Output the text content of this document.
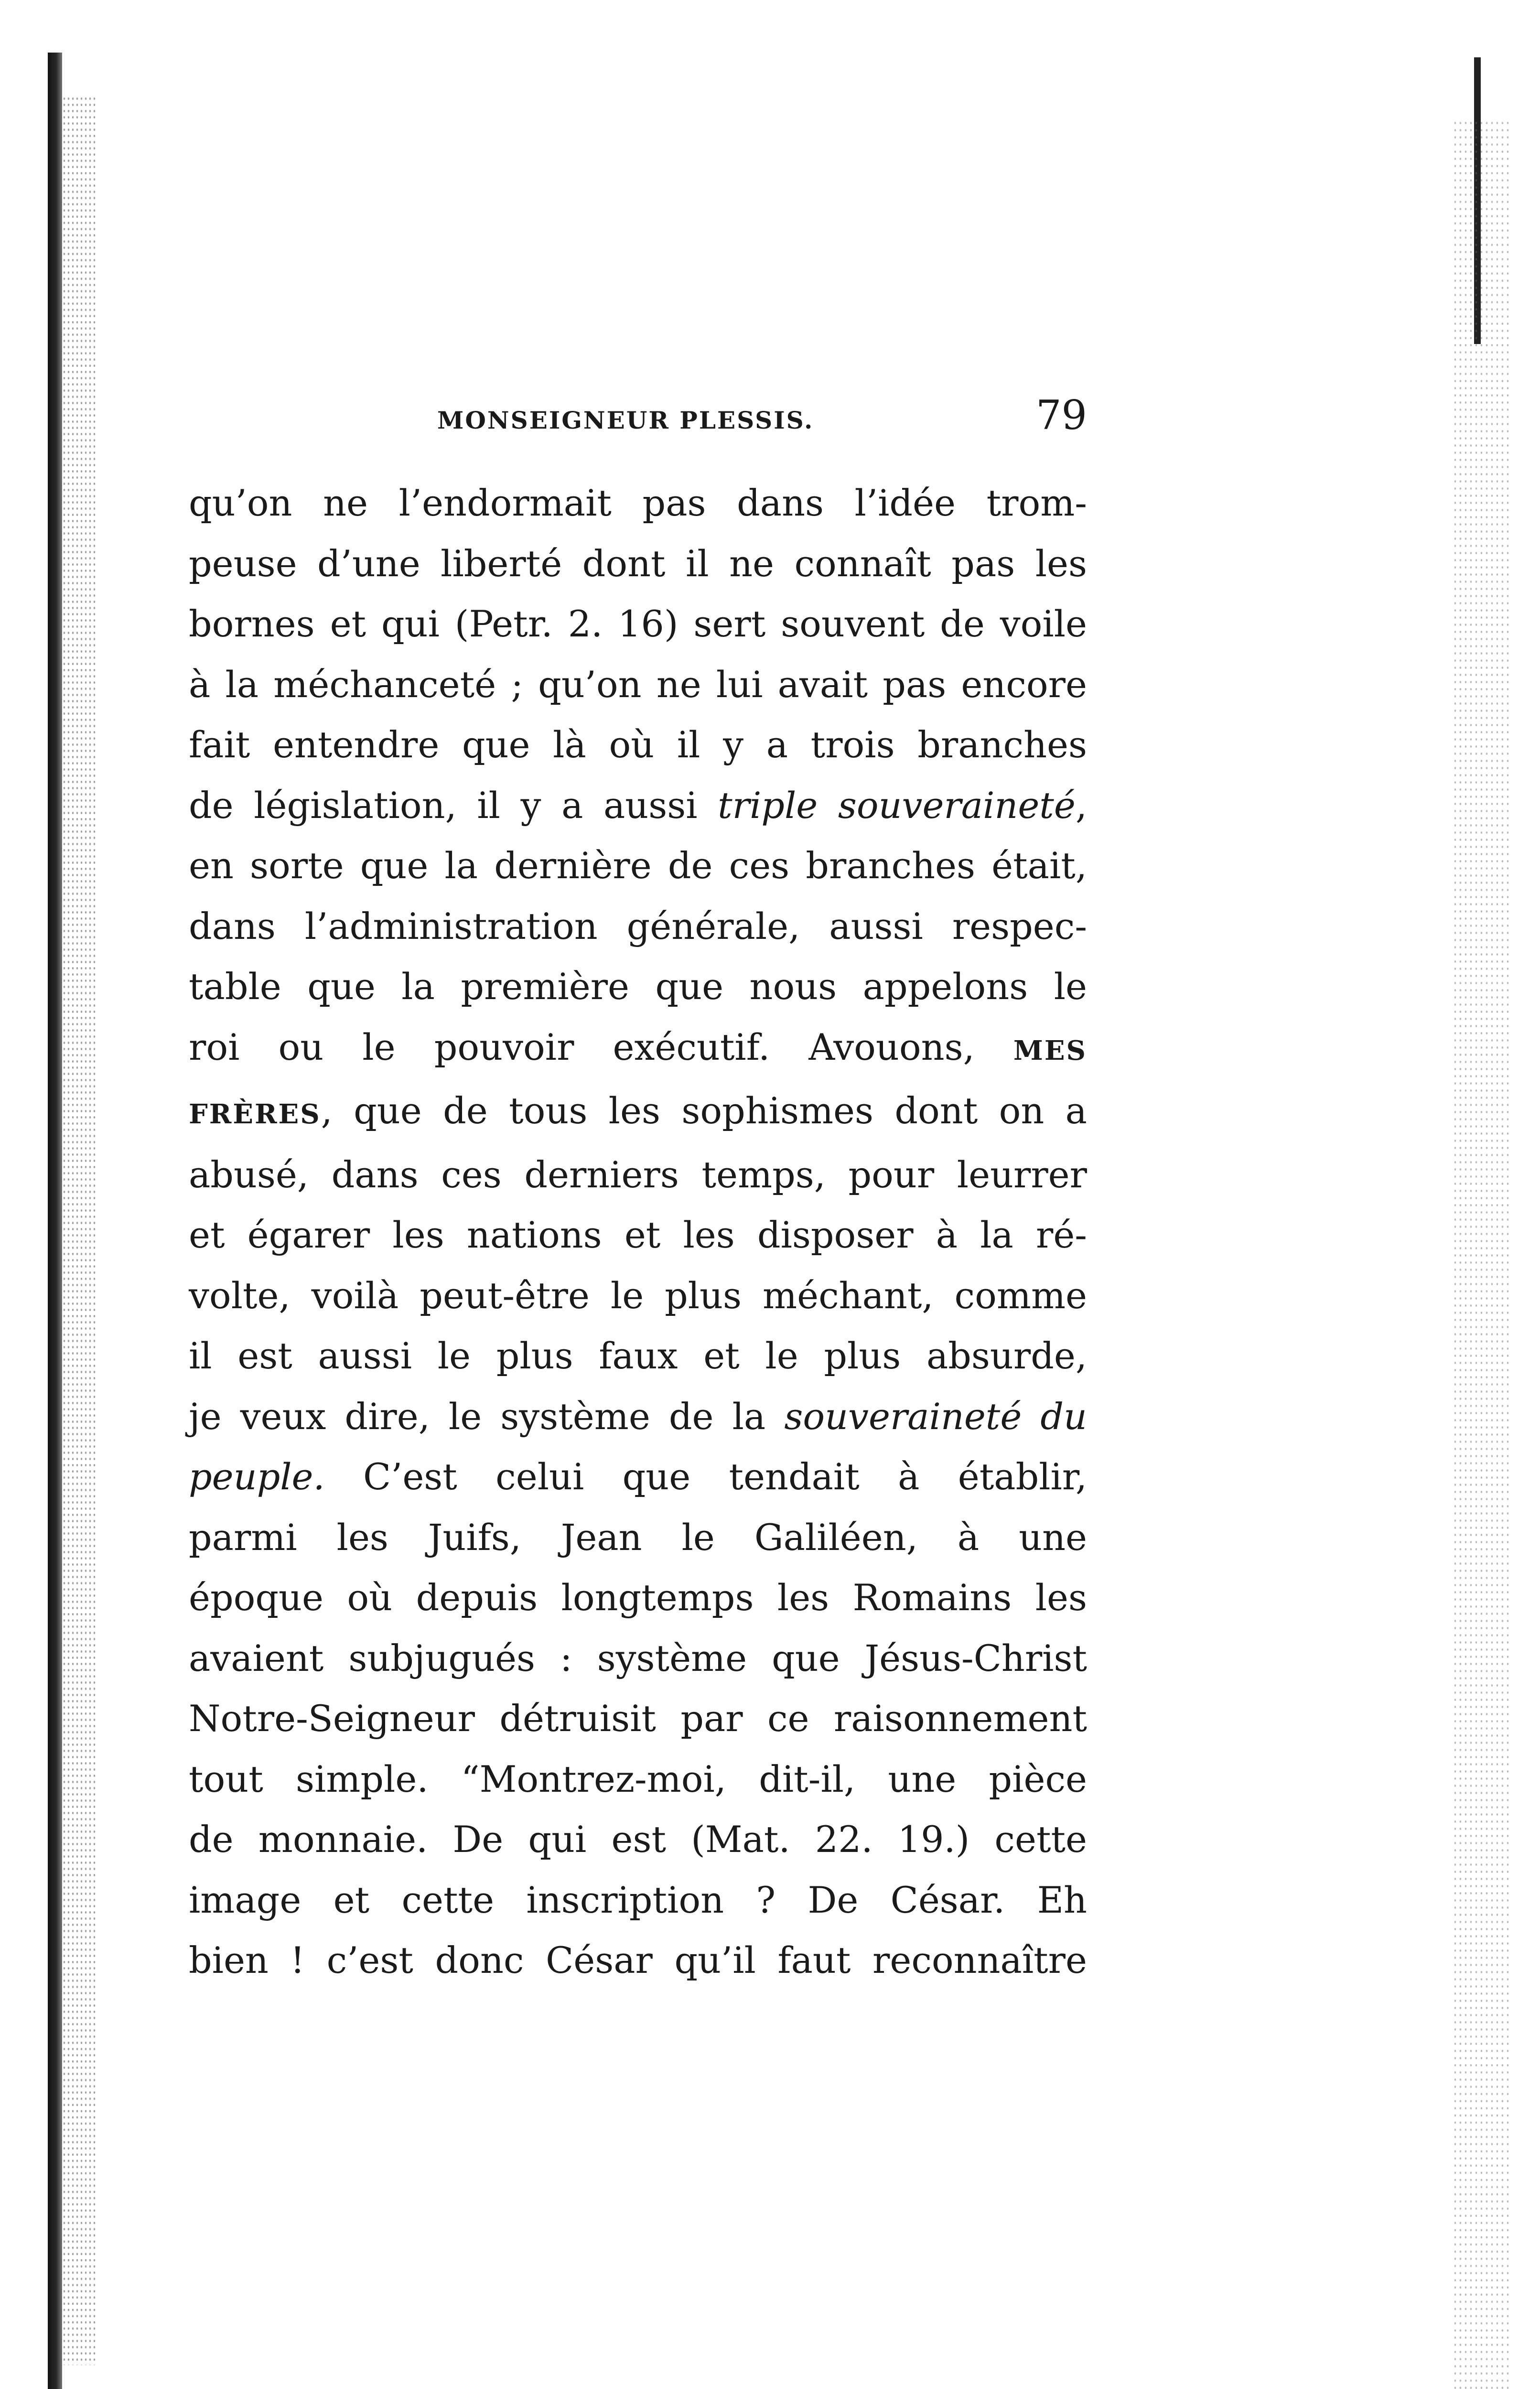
MONSEIGNEUR PLESSIS.	79
qu’on ne l’endormait pas dans l’idée trom-
peuse d’une liberté dont il ne connaît pas les
bornes et qui (Petr. 2. 16) sert souvent de voile
à la méchanceté ; qu’on ne lui avait pas encore
fait entendre que là où il y a trois branches
de législation, il y a aussi triple souveraineté,
en sorte que la dernière de ces branches était,
dans l’administration générale, aussi respec-
table que la première que nous appelons le
roi ou le pouvoir exécutif. Avouons, MES
FRÈRES, que de tous les sophismes dont on a
abusé, dans ces derniers temps, pour leurrer
et égarer les nations et les disposer à la ré-
volte, voilà peut-être le plus méchant, comme
il est aussi le plus faux et le plus absurde,
je veux dire, le système de la souveraineté du
peuple. C’est celui que tendait à établir,
parmi les Juifs, Jean le Galiléen, à une
époque où depuis longtemps les Romains les
avaient subjugués : système que Jésus-Christ
Notre-Seigneur détruisit par ce raisonnement
tout simple. “Montrez-moi, dit-il, une pièce
de monnaie. De qui est (Mat. 22. 19.) cette
image et cette inscription ? De César. Eh
bien ! c’est donc César qu’il faut reconnaître
